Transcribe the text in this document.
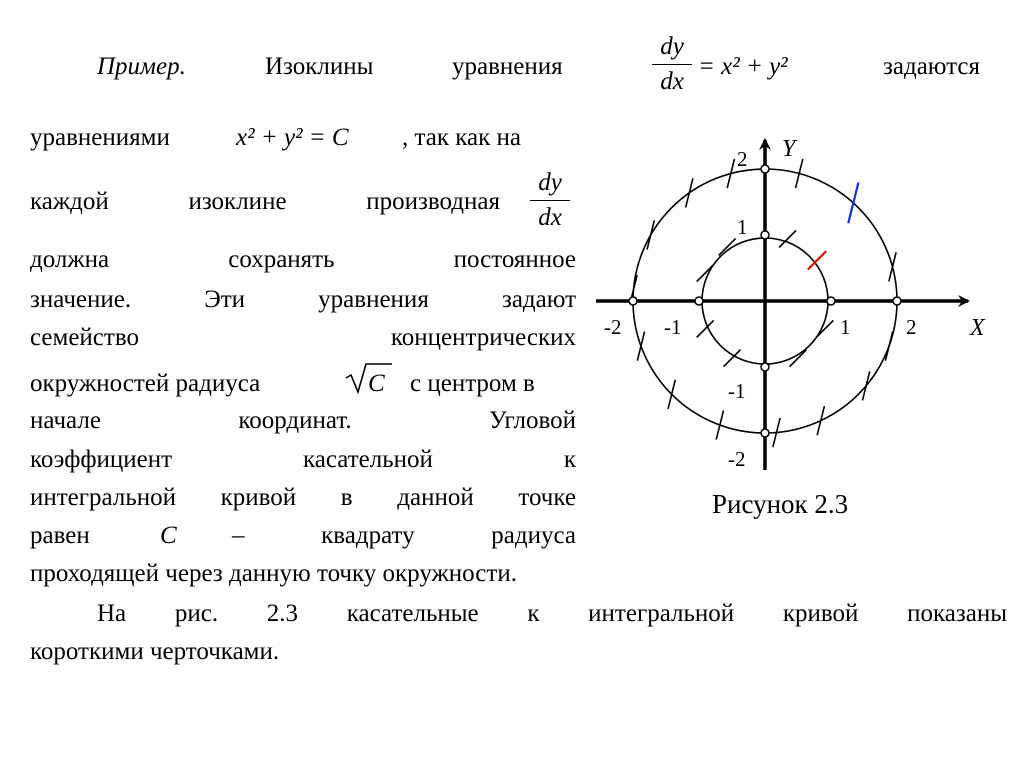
Пример.	Изоклины	уравнения
dy
dx
= x² + y²	задаются
уравнениями	x² + y² = C , так как на
каждой изоклине производная
dy
dx
должна сохранять постоянное
значение. Эти уравнения задают
семейство концентрических
окружностей радиуса	C с центром в
начале координат. Угловой
коэффициент касательной к
интегральной кривой в данной точке
равен	C – квадрату радиуса
проходящей через данную точку окружности.
На рис. 2.3 касательные к интегральной кривой показаны
короткими черточками.
Y
X
-2 -1	1	2
2
1
-1
-2
Рисунок 2.3
